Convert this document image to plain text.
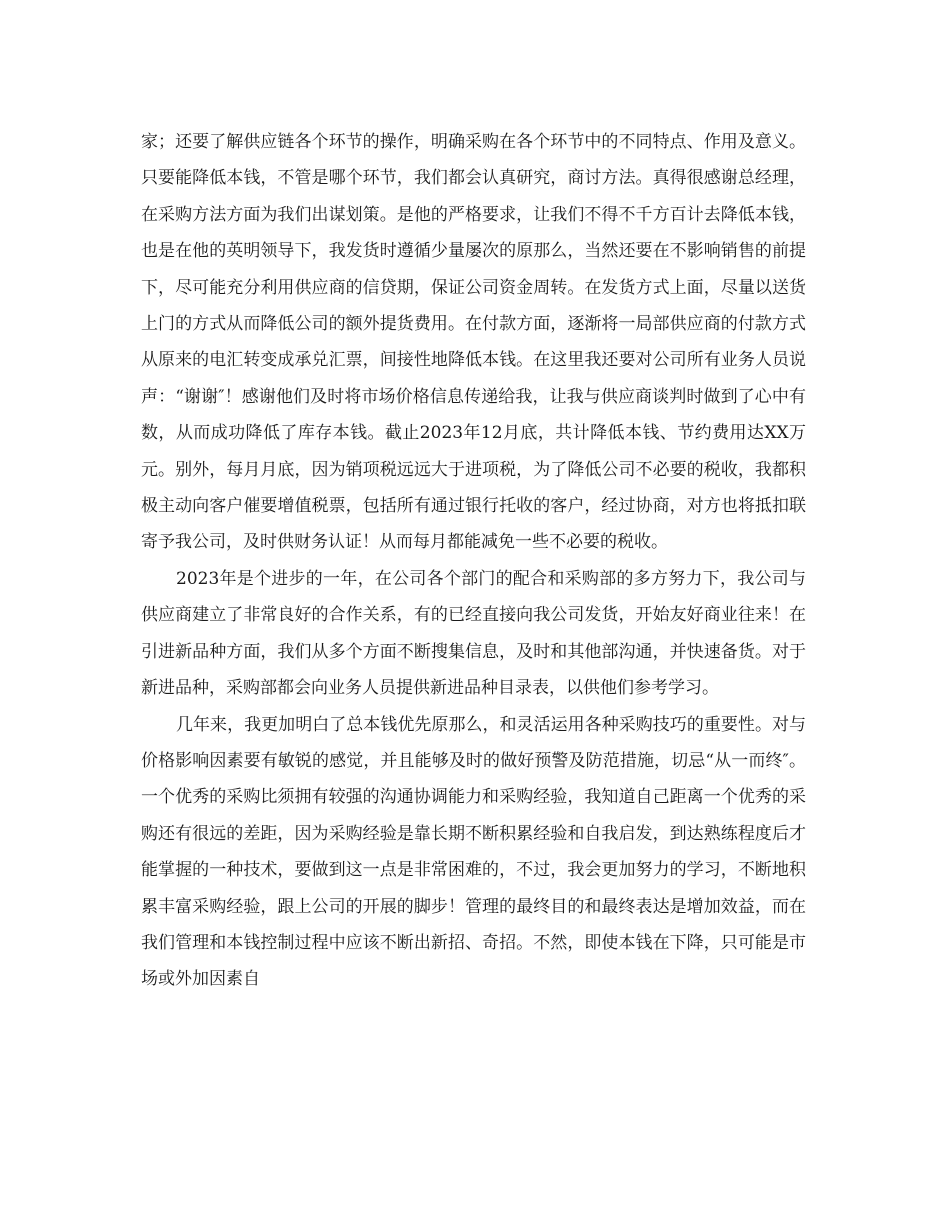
家；还要了解供应链各个环节的操作，明确采购在各个环节中的不同特点、作用及意义。只要能降低本钱，不管是哪个环节，我们都会认真研究，商讨方法。真得很感谢总经理，在采购方法方面为我们出谋划策。是他的严格要求，让我们不得不千方百计去降低本钱，也是在他的英明领导下，我发货时遵循少量屡次的原那么，当然还要在不影响销售的前提下，尽可能充分利用供应商的信贷期，保证公司资金周转。在发货方式上面，尽量以送货上门的方式从而降低公司的额外提货费用。在付款方面，逐渐将一局部供应商的付款方式从原来的电汇转变成承兑汇票，间接性地降低本钱。在这里我还要对公司所有业务人员说声：“谢谢″！感谢他们及时将市场价格信息传递给我，让我与供应商谈判时做到了心中有数，从而成功降低了库存本钱。截止2023年12月底，共计降低本钱、节约费用达XX万元。别外，每月月底，因为销项税远远大于进项税，为了降低公司不必要的税收，我都积极主动向客户催要增值税票，包括所有通过银行托收的客户，经过协商，对方也将抵扣联寄予我公司，及时供财务认证！从而每月都能减免一些不必要的税收。

2023年是个进步的一年，在公司各个部门的配合和采购部的多方努力下，我公司与供应商建立了非常良好的合作关系，有的已经直接向我公司发货，开始友好商业往来！在引进新品种方面，我们从多个方面不断搜集信息，及时和其他部沟通，并快速备货。对于新进品种，采购部都会向业务人员提供新进品种目录表，以供他们参考学习。

几年来，我更加明白了总本钱优先原那么，和灵活运用各种采购技巧的重要性。对与价格影响因素要有敏锐的感觉，并且能够及时的做好预警及防范措施，切忌“从一而终″。一个优秀的采购比须拥有较强的沟通协调能力和采购经验，我知道自己距离一个优秀的采购还有很远的差距，因为采购经验是靠长期不断积累经验和自我启发，到达熟练程度后才能掌握的一种技术，要做到这一点是非常困难的，不过，我会更加努力的学习，不断地积累丰富采购经验，跟上公司的开展的脚步！管理的最终目的和最终表达是增加效益，而在我们管理和本钱控制过程中应该不断出新招、奇招。不然，即使本钱在下降，只可能是市场或外加因素自
